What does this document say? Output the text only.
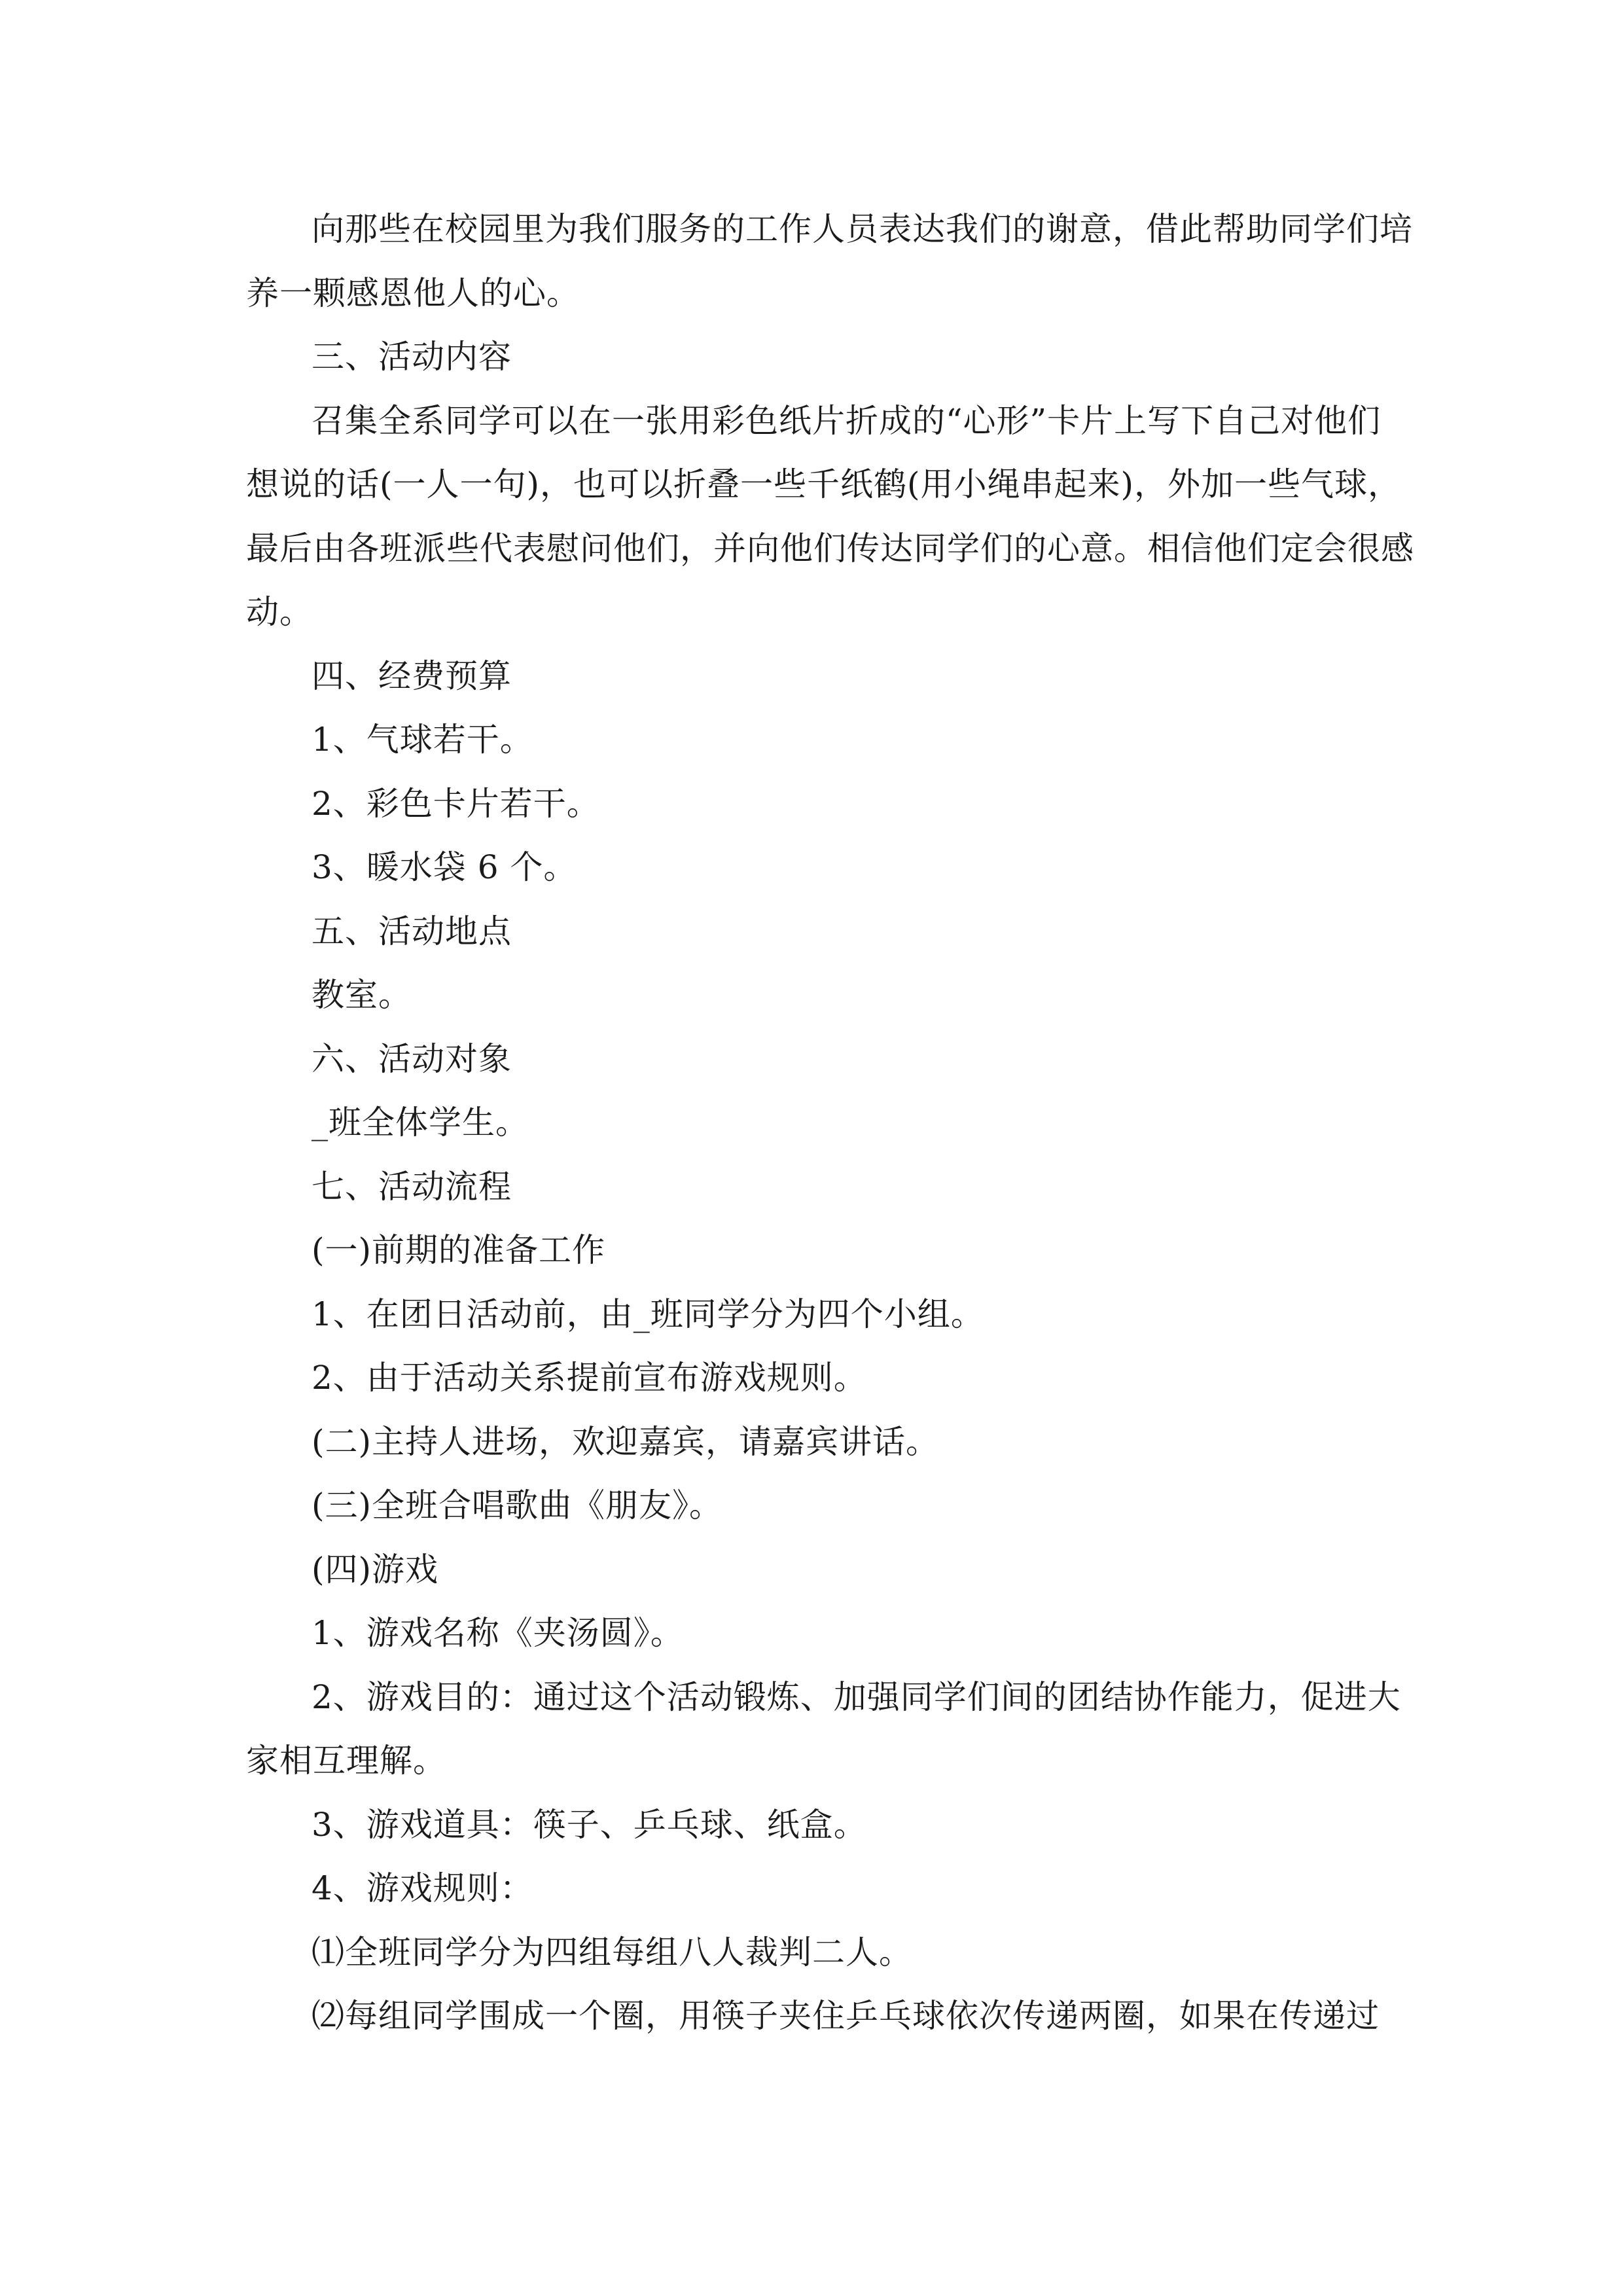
向那些在校园里为我们服务的工作人员表达我们的谢意，借此帮助同学们培
养一颗感恩他人的心。
三、活动内容
召集全系同学可以在一张用彩色纸片折成的“心形”卡片上写下自己对他们
想说的话(一人一句)，也可以折叠一些千纸鹤(用小绳串起来)，外加一些气球，
最后由各班派些代表慰问他们，并向他们传达同学们的心意。相信他们定会很感
动。
四、经费预算
1、气球若干。
2、彩色卡片若干。
3、暖水袋 6 个。
五、活动地点
教室。
六、活动对象
_班全体学生。
七、活动流程
(一)前期的准备工作
1、在团日活动前，由_班同学分为四个小组。
2、由于活动关系提前宣布游戏规则。
(二)主持人进场，欢迎嘉宾，请嘉宾讲话。
(三)全班合唱歌曲《朋友》。
(四)游戏
1、游戏名称《夹汤圆》。
2、游戏目的：通过这个活动锻炼、加强同学们间的团结协作能力，促进大
家相互理解。
3、游戏道具：筷子、乒乓球、纸盒。
4、游戏规则：
⑴全班同学分为四组每组八人裁判二人。
⑵每组同学围成一个圈，用筷子夹住乒乓球依次传递两圈，如果在传递过
